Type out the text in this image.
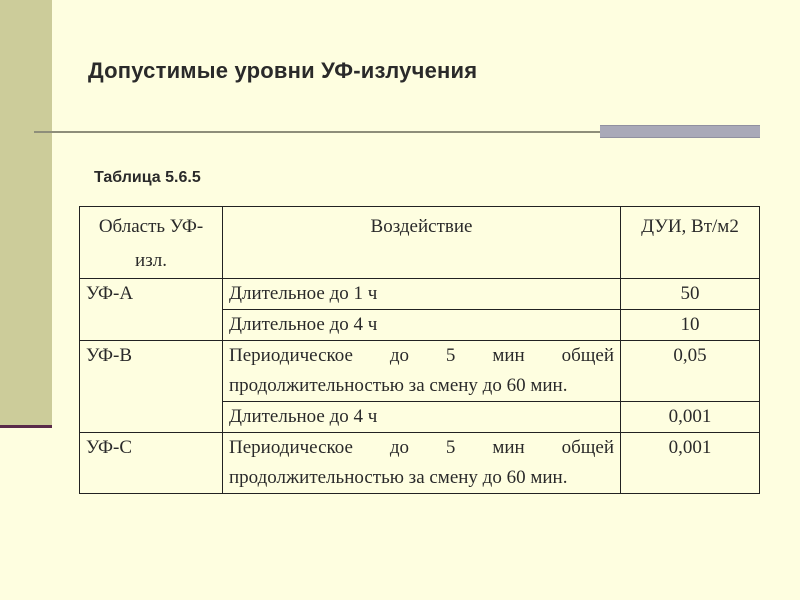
Допустимые уровни УФ-излучения
Таблица 5.6.5
Область УФ-изл.	Воздействие	ДУИ, Вт/м2
УФ-А	Длительное до 1 ч	50
	Длительное до 4 ч	10
УФ-В	Периодическое до 5 мин общей продолжительностью за смену до 60 мин.	0,05
	Длительное до 4 ч	0,001
УФ-С	Периодическое до 5 мин общей продолжительностью за смену до 60 мин.	0,001
